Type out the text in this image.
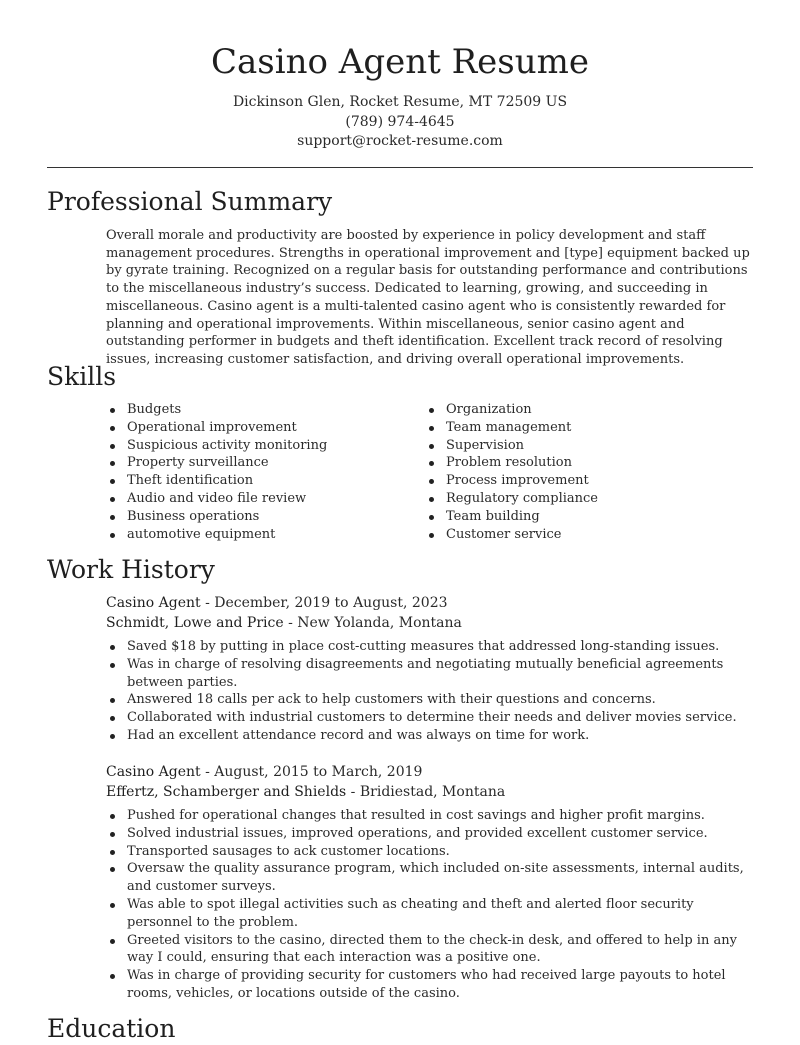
Casino Agent Resume
Dickinson Glen, Rocket Resume, MT 72509 US
(789) 974-4645
support@rocket-resume.com
Professional Summary

Overall morale and productivity are boosted by experience in policy development and staff management procedures. Strengths in operational improvement and [type] equipment backed up by gyrate training. Recognized on a regular basis for outstanding performance and contributions to the miscellaneous industry’s success. Dedicated to learning, growing, and succeeding in miscellaneous. Casino agent is a multi-talented casino agent who is consistently rewarded for planning and operational improvements. Within miscellaneous, senior casino agent and outstanding performer in budgets and theft identification. Excellent track record of resolving issues, increasing customer satisfaction, and driving overall operational improvements.

Skills
Budgets
Operational improvement
Suspicious activity monitoring
Property surveillance
Theft identification
Audio and video file review
Business operations
automotive equipment
Organization
Team management
Supervision
Problem resolution
Process improvement
Regulatory compliance
Team building
Customer service
Work History
Casino Agent - December, 2019 to August, 2023
Schmidt, Lowe and Price - New Yolanda, Montana
Saved $18 by putting in place cost-cutting measures that addressed long-standing issues.
Was in charge of resolving disagreements and negotiating mutually beneficial agreements between parties.
Answered 18 calls per ack to help customers with their questions and concerns.
Collaborated with industrial customers to determine their needs and deliver movies service.
Had an excellent attendance record and was always on time for work.
Casino Agent - August, 2015 to March, 2019
Effertz, Schamberger and Shields - Bridiestad, Montana
Pushed for operational changes that resulted in cost savings and higher profit margins.
Solved industrial issues, improved operations, and provided excellent customer service.
Transported sausages to ack customer locations.
Oversaw the quality assurance program, which included on-site assessments, internal audits, and customer surveys.
Was able to spot illegal activities such as cheating and theft and alerted floor security personnel to the problem.
Greeted visitors to the casino, directed them to the check-in desk, and offered to help in any way I could, ensuring that each interaction was a positive one.
Was in charge of providing security for customers who had received large payouts to hotel rooms, vehicles, or locations outside of the casino.
Education
